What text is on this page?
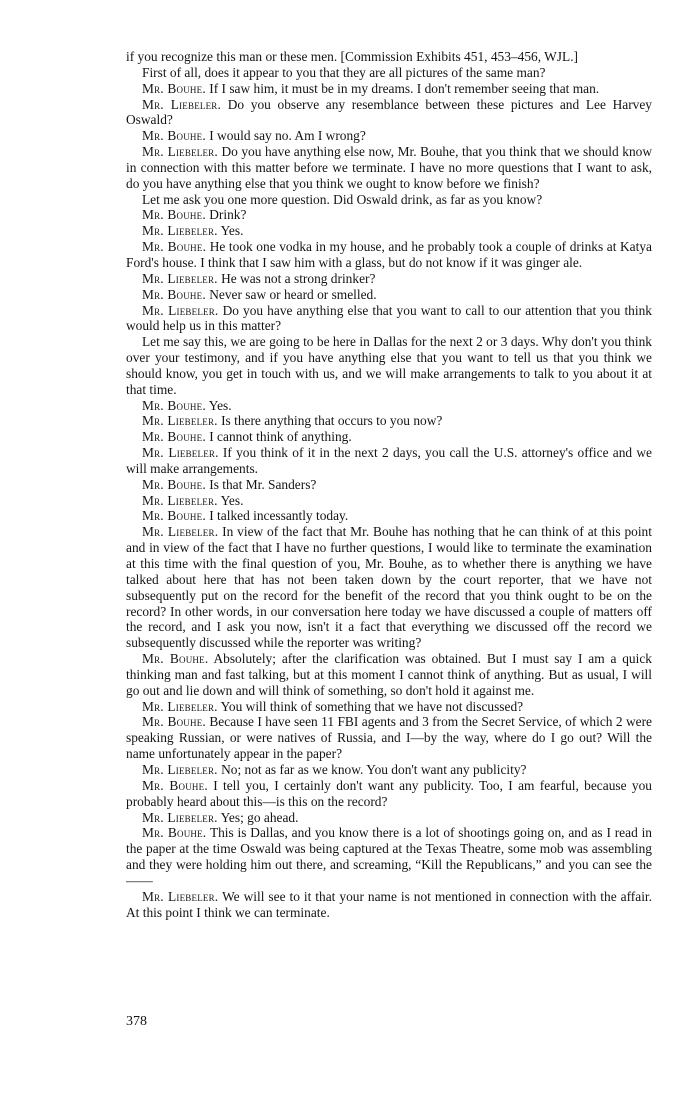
if you recognize this man or these men. [Commission Exhibits 451, 453–456, WJL.]

First of all, does it appear to you that they are all pictures of the same man?

Mr. Bouhe. If I saw him, it must be in my dreams. I don't remember seeing that man.

Mr. Liebeler. Do you observe any resemblance between these pictures and Lee Harvey Oswald?

Mr. Bouhe. I would say no. Am I wrong?

Mr. Liebeler. Do you have anything else now, Mr. Bouhe, that you think that we should know in connection with this matter before we terminate. I have no more questions that I want to ask, do you have anything else that you think we ought to know before we finish?

Let me ask you one more question. Did Oswald drink, as far as you know?

Mr. Bouhe. Drink?

Mr. Liebeler. Yes.

Mr. Bouhe. He took one vodka in my house, and he probably took a couple of drinks at Katya Ford's house. I think that I saw him with a glass, but do not know if it was ginger ale.

Mr. Liebeler. He was not a strong drinker?

Mr. Bouhe. Never saw or heard or smelled.

Mr. Liebeler. Do you have anything else that you want to call to our attention that you think would help us in this matter?

Let me say this, we are going to be here in Dallas for the next 2 or 3 days. Why don't you think over your testimony, and if you have anything else that you want to tell us that you think we should know, you get in touch with us, and we will make arrangements to talk to you about it at that time.

Mr. Bouhe. Yes.

Mr. Liebeler. Is there anything that occurs to you now?

Mr. Bouhe. I cannot think of anything.

Mr. Liebeler. If you think of it in the next 2 days, you call the U.S. attorney's office and we will make arrangements.

Mr. Bouhe. Is that Mr. Sanders?

Mr. Liebeler. Yes.

Mr. Bouhe. I talked incessantly today.

Mr. Liebeler. In view of the fact that Mr. Bouhe has nothing that he can think of at this point and in view of the fact that I have no further questions, I would like to terminate the examination at this time with the final question of you, Mr. Bouhe, as to whether there is anything we have talked about here that has not been taken down by the court reporter, that we have not subsequently put on the record for the benefit of the record that you think ought to be on the record? In other words, in our conversation here today we have discussed a couple of matters off the record, and I ask you now, isn't it a fact that everything we discussed off the record we subsequently discussed while the reporter was writing?

Mr. Bouhe. Absolutely; after the clarification was obtained. But I must say I am a quick thinking man and fast talking, but at this moment I cannot think of anything. But as usual, I will go out and lie down and will think of something, so don't hold it against me.

Mr. Liebeler. You will think of something that we have not discussed?

Mr. Bouhe. Because I have seen 11 FBI agents and 3 from the Secret Service, of which 2 were speaking Russian, or were natives of Russia, and I—by the way, where do I go out? Will the name unfortunately appear in the paper?

Mr. Liebeler. No; not as far as we know. You don't want any publicity?

Mr. Bouhe. I tell you, I certainly don't want any publicity. Too, I am fearful, because you probably heard about this—is this on the record?

Mr. Liebeler. Yes; go ahead.

Mr. Bouhe. This is Dallas, and you know there is a lot of shootings going on, and as I read in the paper at the time Oswald was being captured at the Texas Theatre, some mob was assembling and they were holding him out there, and screaming, “Kill the Republicans,” and you can see the——

Mr. Liebeler. We will see to it that your name is not mentioned in connection with the affair. At this point I think we can terminate.

378
